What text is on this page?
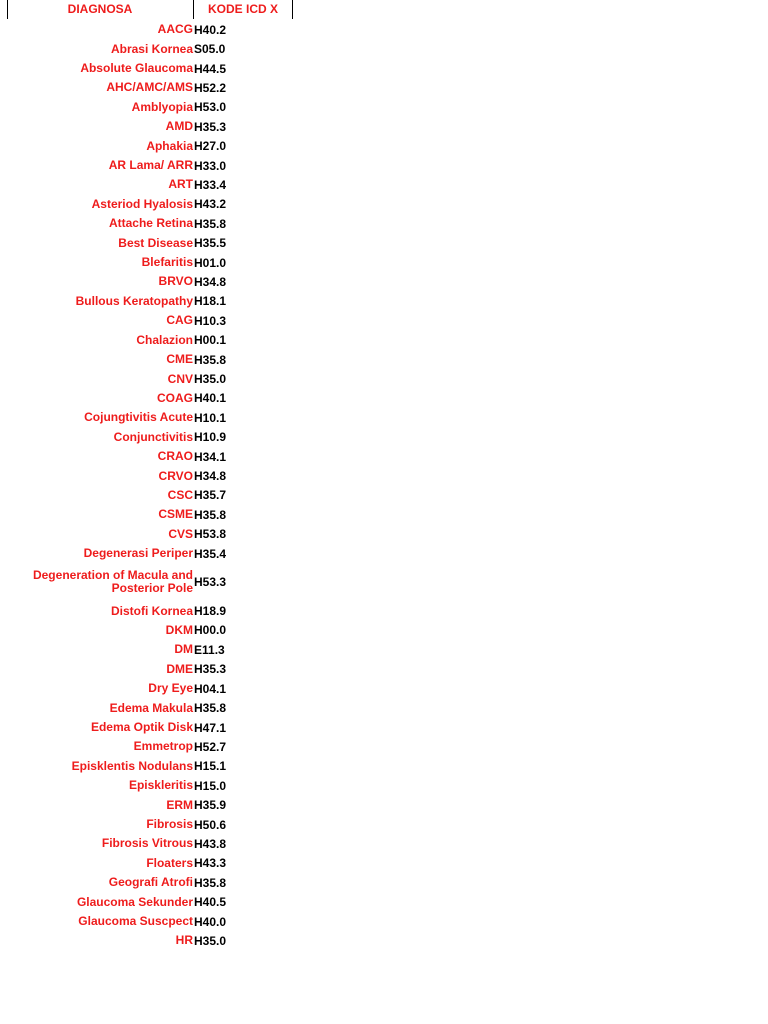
DIAGNOSA	KODE ICD X
AACG H40.2
Abrasi Kornea S05.0
Absolute Glaucoma H44.5
AHC/AMC/AMS H52.2
Amblyopia H53.0
AMD H35.3
Aphakia H27.0
AR Lama/ ARR H33.0
ART H33.4
Asteriod Hyalosis H43.2
Attache Retina H35.8
Best Disease H35.5
Blefaritis H01.0
BRVO H34.8
Bullous Keratopathy H18.1
CAG H10.3
Chalazion H00.1
CME H35.8
CNV H35.0
COAG H40.1
Cojungtivitis Acute H10.1
Conjunctivitis H10.9
CRAO H34.1
CRVO H34.8
CSC H35.7
CSME H35.8
CVS H53.8
Degenerasi Periper H35.4
Degeneration of Macula and
Posterior Pole H53.3
Distofi Kornea H18.9
DKM H00.0
DM E11.3
DME H35.3
Dry Eye H04.1
Edema Makula H35.8
Edema Optik Disk H47.1
Emmetrop H52.7
Episklentis Nodulans H15.1
Episkleritis H15.0
ERM H35.9
Fibrosis H50.6
Fibrosis Vitrous H43.8
Floaters H43.3
Geografi Atrofi H35.8
Glaucoma Sekunder H40.5
Glaucoma Suscpect H40.0
HR H35.0
